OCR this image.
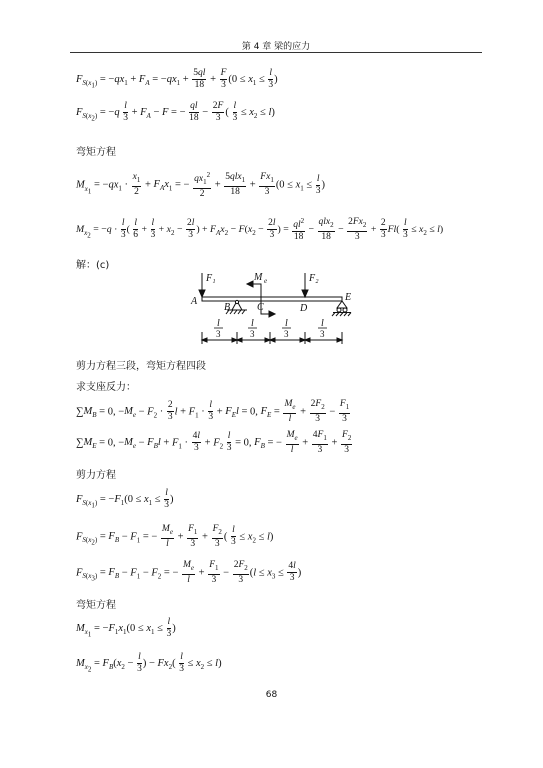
第 4 章 梁的应力
$F_{S(x_1)} = -qx_1 + F_A = -qx_1 + \frac{5ql}{18} + \frac{F}{3} (0 \le x_1 \le \frac{l}{3}$ )
$F_{S(x_2)} = -q \frac{l}{3} + F_A - F$ = − $\frac{ql}{18} - \frac{2F}{3}$ ( $\frac{l}{3} \le x_2 \le l$)
弯矩方程
$M_{x_1} = -qx_1 \cdot \frac{x_1}{2} + F_Ax_1$ = − $\frac{qx_1^2}{2} + \frac{5qlx_1}{18} + \frac{Fx_1}{3} (0 \le x_1 \le \frac{l}{3}$ )
$M_{x_2} = -q \cdot \frac{l}{3}$ ( $\frac{l}{6} + \frac{l}{3} + x_2 - \frac{2l}{3}$ ) + $F_Ax_2 - F(x_2 - \frac{2l}{3}$ ) = $\frac{ql^2}{18} - \frac{qlx_2}{18} - \frac{2Fx_2}{3} + \frac{2}{3} Fl( \frac{l}{3} \le x_2 \le l)$
解：(c)
F₁	M e	F₂
A
B	C	D
E
l	l	l	l
3	3	3	3
剪力方程三段，弯矩方程四段
求支座反力：
$\sum M_B = 0$, $-M_e - F_2 \cdot \frac{2}{3}$ $l + F_1 \cdot \frac{l}{3} + F_El = 0$, $F_E = \frac{M_e}{l} + \frac{2F_2}{3} - \frac{F_1}{3}$
$\sum M_E = 0$, $-M_e - F_Bl + F_1 \cdot \frac{4l}{3} + F_2 \frac{l}{3} = 0$, $F_B$ = − $\frac{M_e}{l} + \frac{4F_1}{3} + \frac{F_2}{3}$
剪力方程
$F_{S(x_1)} = -F_1(0 \le x_1 \le \frac{l}{3}$ )
$F_{S(x_2)} = F_B - F_1$ = − $\frac{M_e}{l} + \frac{F_1}{3} + \frac{F_2}{3}$ ( $\frac{l}{3} \le x_2 \le l$)
$F_{S(x_3)} = F_B - F_1 - F_2$ = − $\frac{M_e}{l} + \frac{F_1}{3} - \frac{2F_2}{3} (l \le x_3 \le \frac{4l}{3}$ )
弯矩方程
$M_{x_1} = -F_1x_1(0 \le x_1 \le \frac{l}{3}$ )
$M_{x_2} = F_B(x_2 - \frac{l}{3}$ ) − $Fx_2( \frac{l}{3} \le x_2 \le l)$
68
